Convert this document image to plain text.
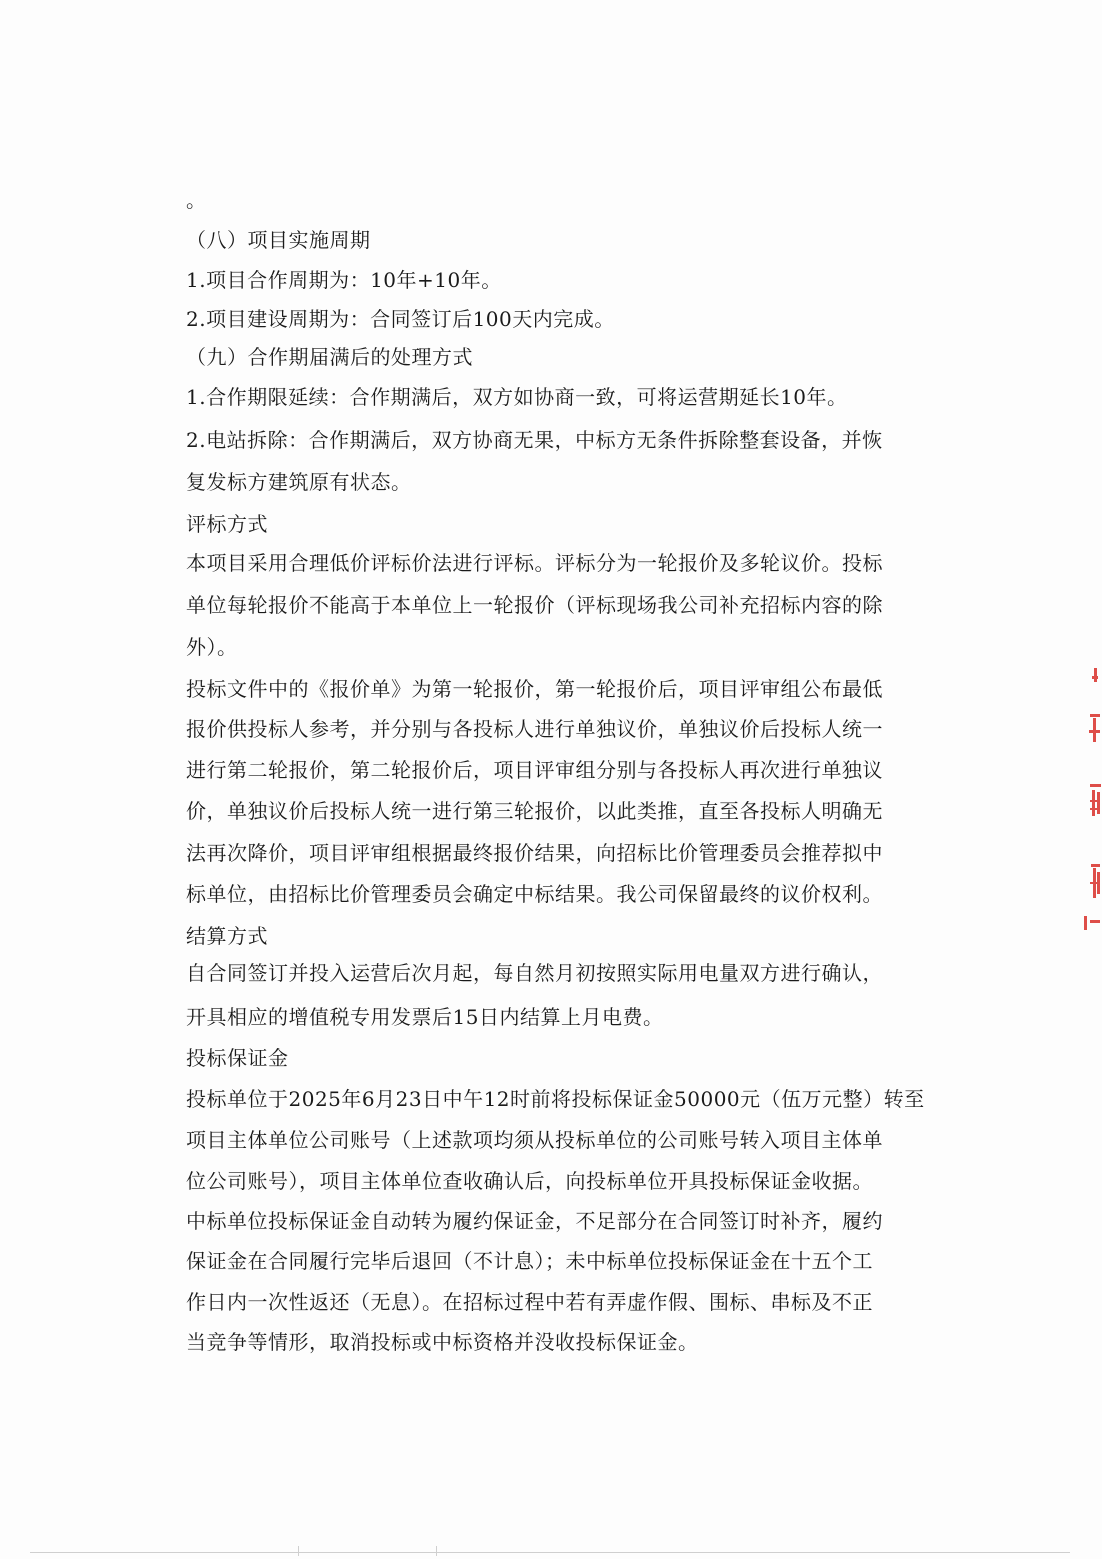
。
（八）项目实施周期
1.项目合作周期为：10年+10年。
2.项目建设周期为：合同签订后100天内完成。
（九）合作期届满后的处理方式
1.合作期限延续：合作期满后，双方如协商一致，可将运营期延长10年。
2.电站拆除：合作期满后，双方协商无果，中标方无条件拆除整套设备，并恢
复发标方建筑原有状态。
评标方式
本项目采用合理低价评标价法进行评标。评标分为一轮报价及多轮议价。投标
单位每轮报价不能高于本单位上一轮报价（评标现场我公司补充招标内容的除
外）。
投标文件中的《报价单》为第一轮报价，第一轮报价后，项目评审组公布最低
报价供投标人参考，并分别与各投标人进行单独议价，单独议价后投标人统一
进行第二轮报价，第二轮报价后，项目评审组分别与各投标人再次进行单独议
价，单独议价后投标人统一进行第三轮报价，以此类推，直至各投标人明确无
法再次降价，项目评审组根据最终报价结果，向招标比价管理委员会推荐拟中
标单位，由招标比价管理委员会确定中标结果。我公司保留最终的议价权利。
结算方式
自合同签订并投入运营后次月起，每自然月初按照实际用电量双方进行确认，
开具相应的增值税专用发票后15日内结算上月电费。
投标保证金
投标单位于2025年6月23日中午12时前将投标保证金50000元（伍万元整）转至
项目主体单位公司账号（上述款项均须从投标单位的公司账号转入项目主体单
位公司账号），项目主体单位查收确认后，向投标单位开具投标保证金收据。
中标单位投标保证金自动转为履约保证金，不足部分在合同签订时补齐，履约
保证金在合同履行完毕后退回（不计息）；未中标单位投标保证金在十五个工
作日内一次性返还（无息）。在招标过程中若有弄虚作假、围标、串标及不正
当竞争等情形，取消投标或中标资格并没收投标保证金。
